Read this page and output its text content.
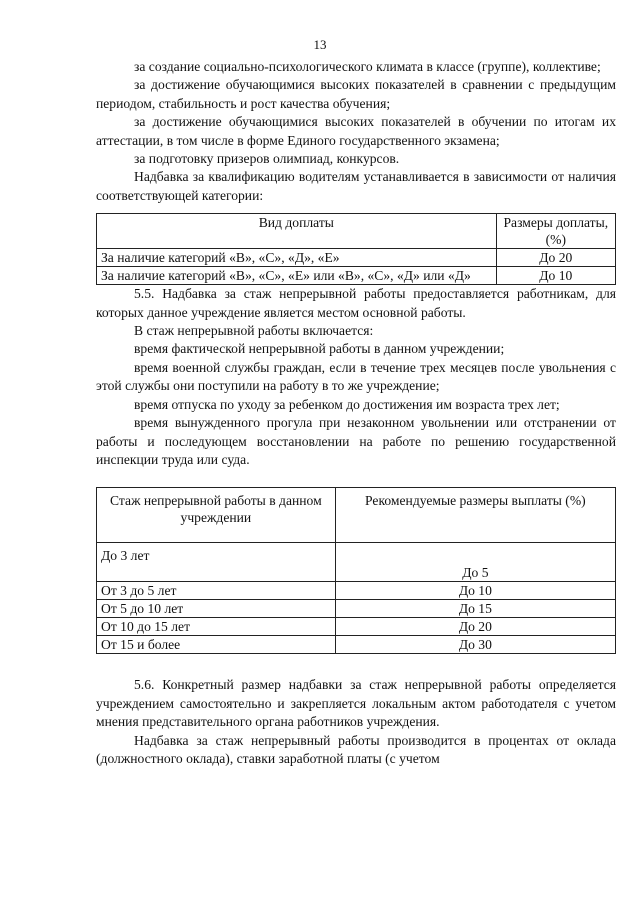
13

за создание социально-психологического климата в классе (группе), коллективе;

за достижение обучающимися высоких показателей в сравнении с предыдущим периодом, стабильность и рост качества обучения;

за достижение обучающимися высоких показателей в обучении по итогам их аттестации, в том числе в форме Единого государственного экзамена;

за подготовку призеров олимпиад, конкурсов.

Надбавка за квалификацию водителям устанавливается в зависимости от наличия соответствующей категории:

Вид доплаты	Размеры доплаты, (%)
За наличие категорий «В», «С», «Д», «Е»	До 20
За наличие категорий «В», «С», «Е» или «В», «С», «Д» или «Д»	До 10

5.5. Надбавка за стаж непрерывной работы предоставляется работникам, для которых данное учреждение является местом основной работы.

В стаж непрерывной работы включается:

время фактической непрерывной работы в данном учреждении;

время военной службы граждан, если в течение трех месяцев после увольнения с этой службы они поступили на работу в то же учреждение;

время отпуска по уходу за ребенком до достижения им возраста трех лет;

время вынужденного прогула при незаконном увольнении или отстранении от работы и последующем восстановлении на работе по решению государственной инспекции труда или суда.

Стаж непрерывной работы в данном учреждении	Рекомендуемые размеры выплаты (%)
До 3 лет	До 5
От 3 до 5 лет	До 10
От 5 до 10 лет	До 15
От 10 до 15 лет	До 20
От 15 и более	До 30

5.6. Конкретный размер надбавки за стаж непрерывной работы определяется учреждением самостоятельно и закрепляется локальным актом работодателя с учетом мнения представительного органа работников учреждения.

Надбавка за стаж непрерывный работы производится в процентах от оклада (должностного оклада), ставки заработной платы (с учетом
